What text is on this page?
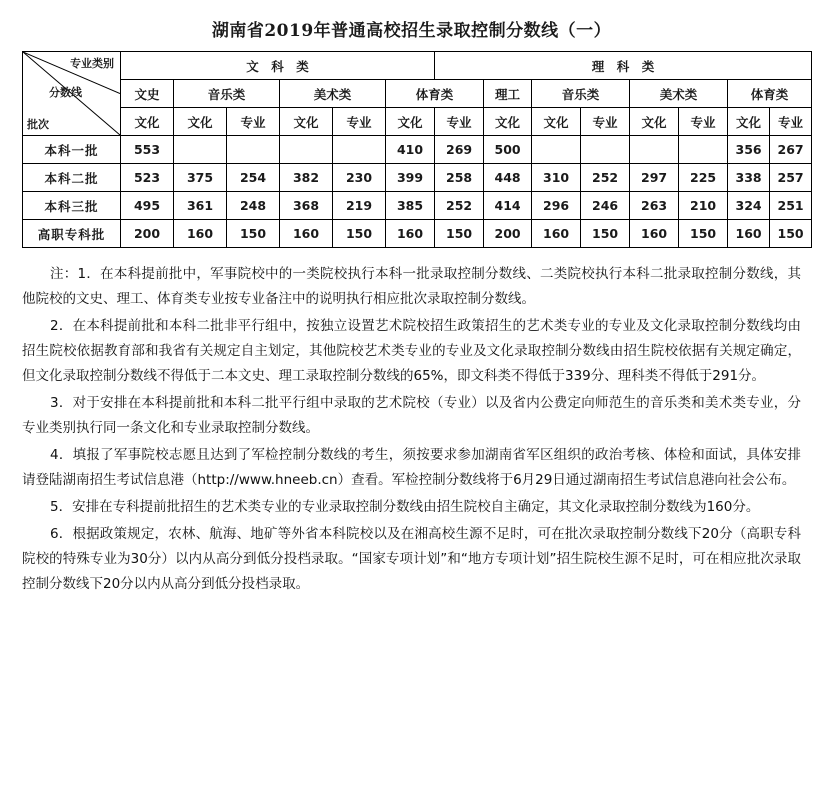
湖南省2019年普通高校招生录取控制分数线（一）
专业类别
分数线
批次	文　科　类						理　科　类							
	文史	音乐类		美术类		体育类		理工	音乐类		美术类		体育类	
	文化	文化	专业	文化	专业	文化	专业	文化	文化	专业	文化	专业	文化	专业
本科一批	553					410	269	500					356	267
本科二批	523	375	254	382	230	399	258	448	310	252	297	225	338	257
本科三批	495	361	248	368	219	385	252	414	296	246	263	210	324	251
高职专科批	200	160	150	160	150	160	150	200	160	150	160	150	160	150

注：1．在本科提前批中，军事院校中的一类院校执行本科一批录取控制分数线、二类院校执行本科二批录取控制分数线，其他院校的文史、理工、体育类专业按专业备注中的说明执行相应批次录取控制分数线。

2．在本科提前批和本科二批非平行组中，按独立设置艺术院校招生政策招生的艺术类专业的专业及文化录取控制分数线均由招生院校依据教育部和我省有关规定自主划定，其他院校艺术类专业的专业及文化录取控制分数线由招生院校依据有关规定确定，但文化录取控制分数线不得低于二本文史、理工录取控制分数线的65%，即文科类不得低于339分、理科类不得低于291分。

3．对于安排在本科提前批和本科二批平行组中录取的艺术院校（专业）以及省内公费定向师范生的音乐类和美术类专业，分专业类别执行同一条文化和专业录取控制分数线。

4．填报了军事院校志愿且达到了军检控制分数线的考生，须按要求参加湖南省军区组织的政治考核、体检和面试，具体安排请登陆湖南招生考试信息港（http://www.hneeb.cn）查看。军检控制分数线将于6月29日通过湖南招生考试信息港向社会公布。

5．安排在专科提前批招生的艺术类专业的专业录取控制分数线由招生院校自主确定，其文化录取控制分数线为160分。

6．根据政策规定，农林、航海、地矿等外省本科院校以及在湘高校生源不足时，可在批次录取控制分数线下20分（高职专科院校的特殊专业为30分）以内从高分到低分投档录取。“国家专项计划”和“地方专项计划”招生院校生源不足时，可在相应批次录取控制分数线下20分以内从高分到低分投档录取。
